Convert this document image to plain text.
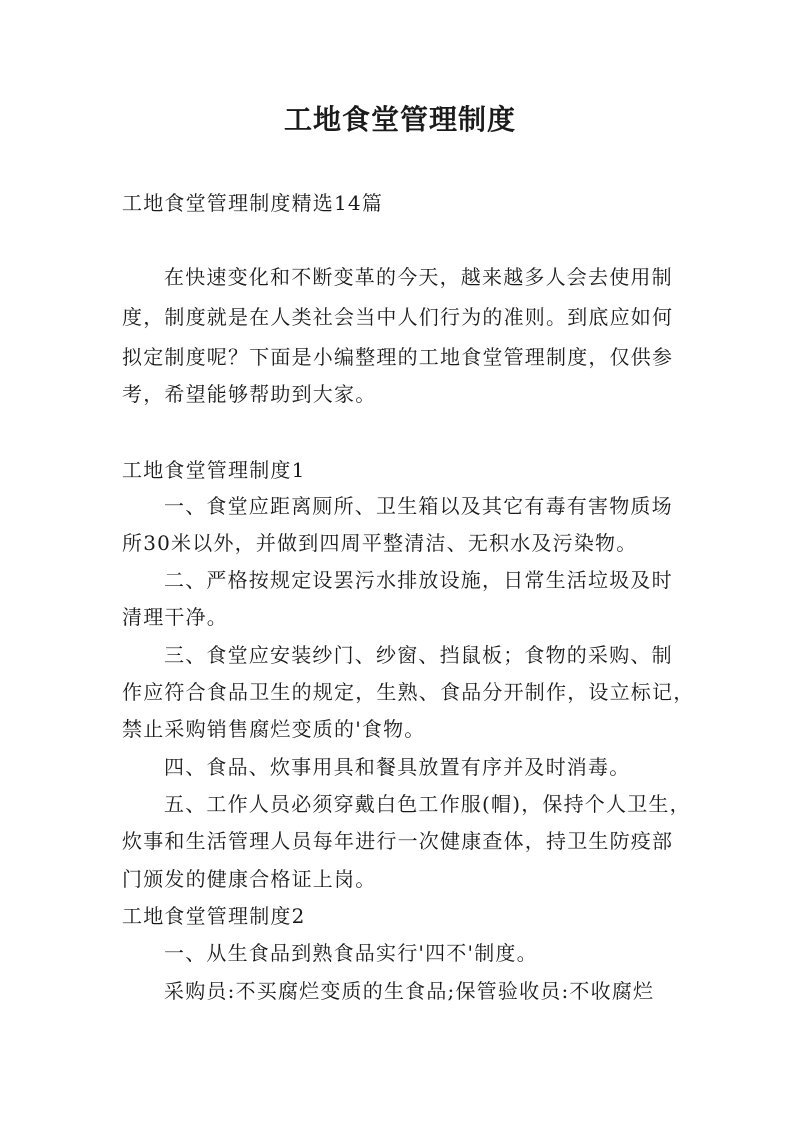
工地食堂管理制度
工地食堂管理制度精选14篇
在快速变化和不断变革的今天，越来越多人会去使用制
度，制度就是在人类社会当中人们行为的准则。到底应如何
拟定制度呢？下面是小编整理的工地食堂管理制度，仅供参
考，希望能够帮助到大家。
工地食堂管理制度1
一、食堂应距离厕所、卫生箱以及其它有毒有害物质场
所30米以外，并做到四周平整清洁、无积水及污染物。
二、严格按规定设罢污水排放设施，日常生活垃圾及时
清理干净。
三、食堂应安装纱门、纱窗、挡鼠板；食物的采购、制
作应符合食品卫生的规定，生熟、食品分开制作，设立标记，
禁止采购销售腐烂变质的'食物。
四、食品、炊事用具和餐具放置有序并及时消毒。
五、工作人员必须穿戴白色工作服(帽)，保持个人卫生，
炊事和生活管理人员每年进行一次健康查体，持卫生防疫部
门颁发的健康合格证上岗。
工地食堂管理制度2
一、从生食品到熟食品实行'四不'制度。
采购员:不买腐烂变质的生食品;保管验收员:不收腐烂
